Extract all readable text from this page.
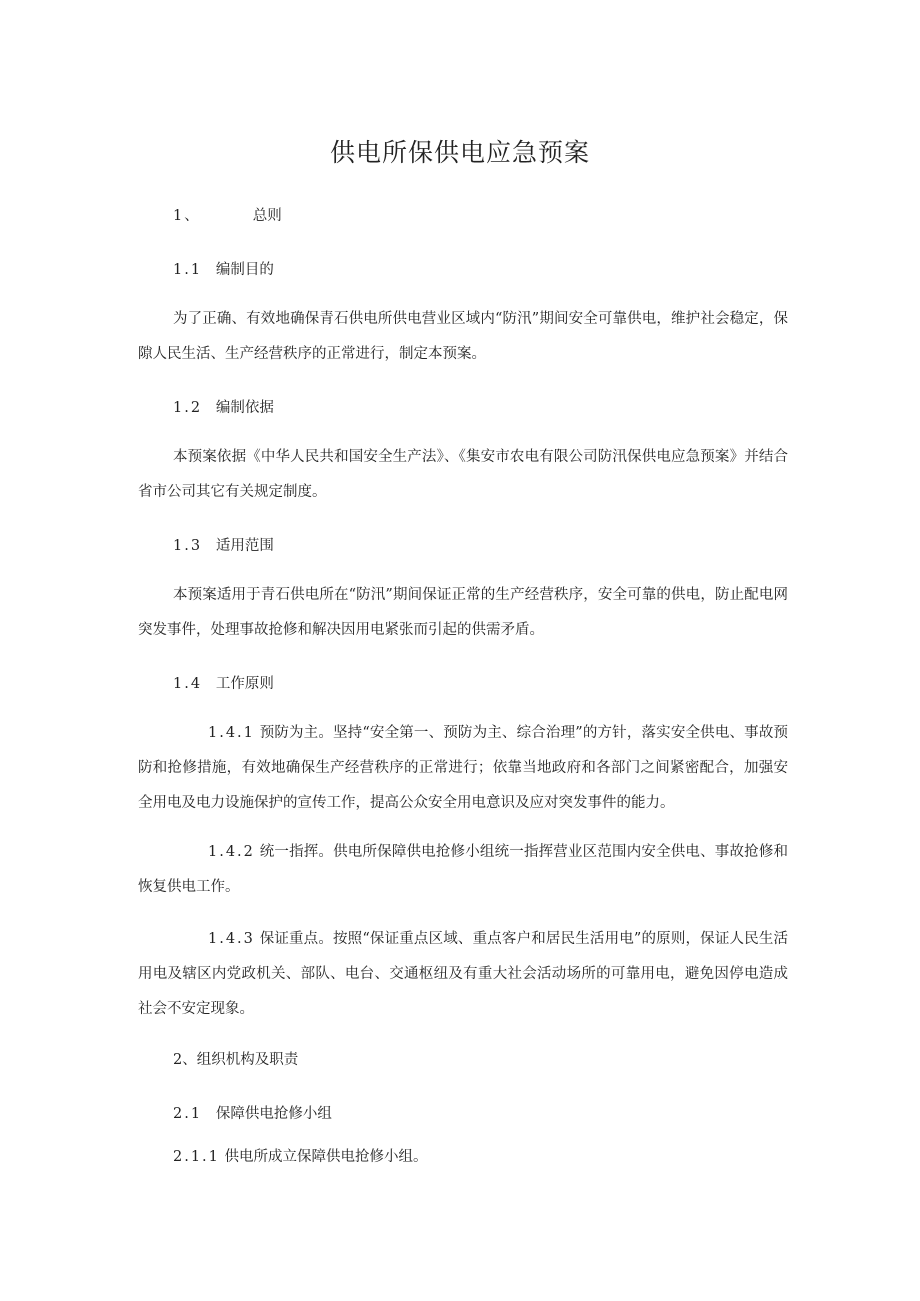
供电所保供电应急预案
1、	总则
1.1 编制目的
为了正确、有效地确保青石供电所供电营业区域内“防汛”期间安全可靠供电，维护社会稳定，保隙人民生活、生产经营秩序的正常进行，制定本预案。
1.2 编制依据
本预案依据《中华人民共和国安全生产法》、《集安市农电有限公司防汛保供电应急预案》并结合省市公司其它有关规定制度。
1.3 适用范围
本预案适用于青石供电所在“防汛”期间保证正常的生产经营秩序，安全可靠的供电，防止配电网突发事件，处理事故抢修和解决因用电紧张而引起的供需矛盾。
1.4 工作原则
1.4.1 预防为主。坚持“安全第一、预防为主、综合治理”的方针，落实安全供电、事故预防和抢修措施，有效地确保生产经营秩序的正常进行；依靠当地政府和各部门之间紧密配合，加强安全用电及电力设施保护的宣传工作，提高公众安全用电意识及应对突发事件的能力。
1.4.2 统一指挥。供电所保障供电抢修小组统一指挥营业区范围内安全供电、事故抢修和恢复供电工作。
1.4.3 保证重点。按照“保证重点区域、重点客户和居民生活用电”的原则，保证人民生活用电及辖区内党政机关、部队、电台、交通枢纽及有重大社会活动场所的可靠用电，避免因停电造成社会不安定现象。
2、组织机构及职责
2.1 保障供电抢修小组
2.1.1 供电所成立保障供电抢修小组。
